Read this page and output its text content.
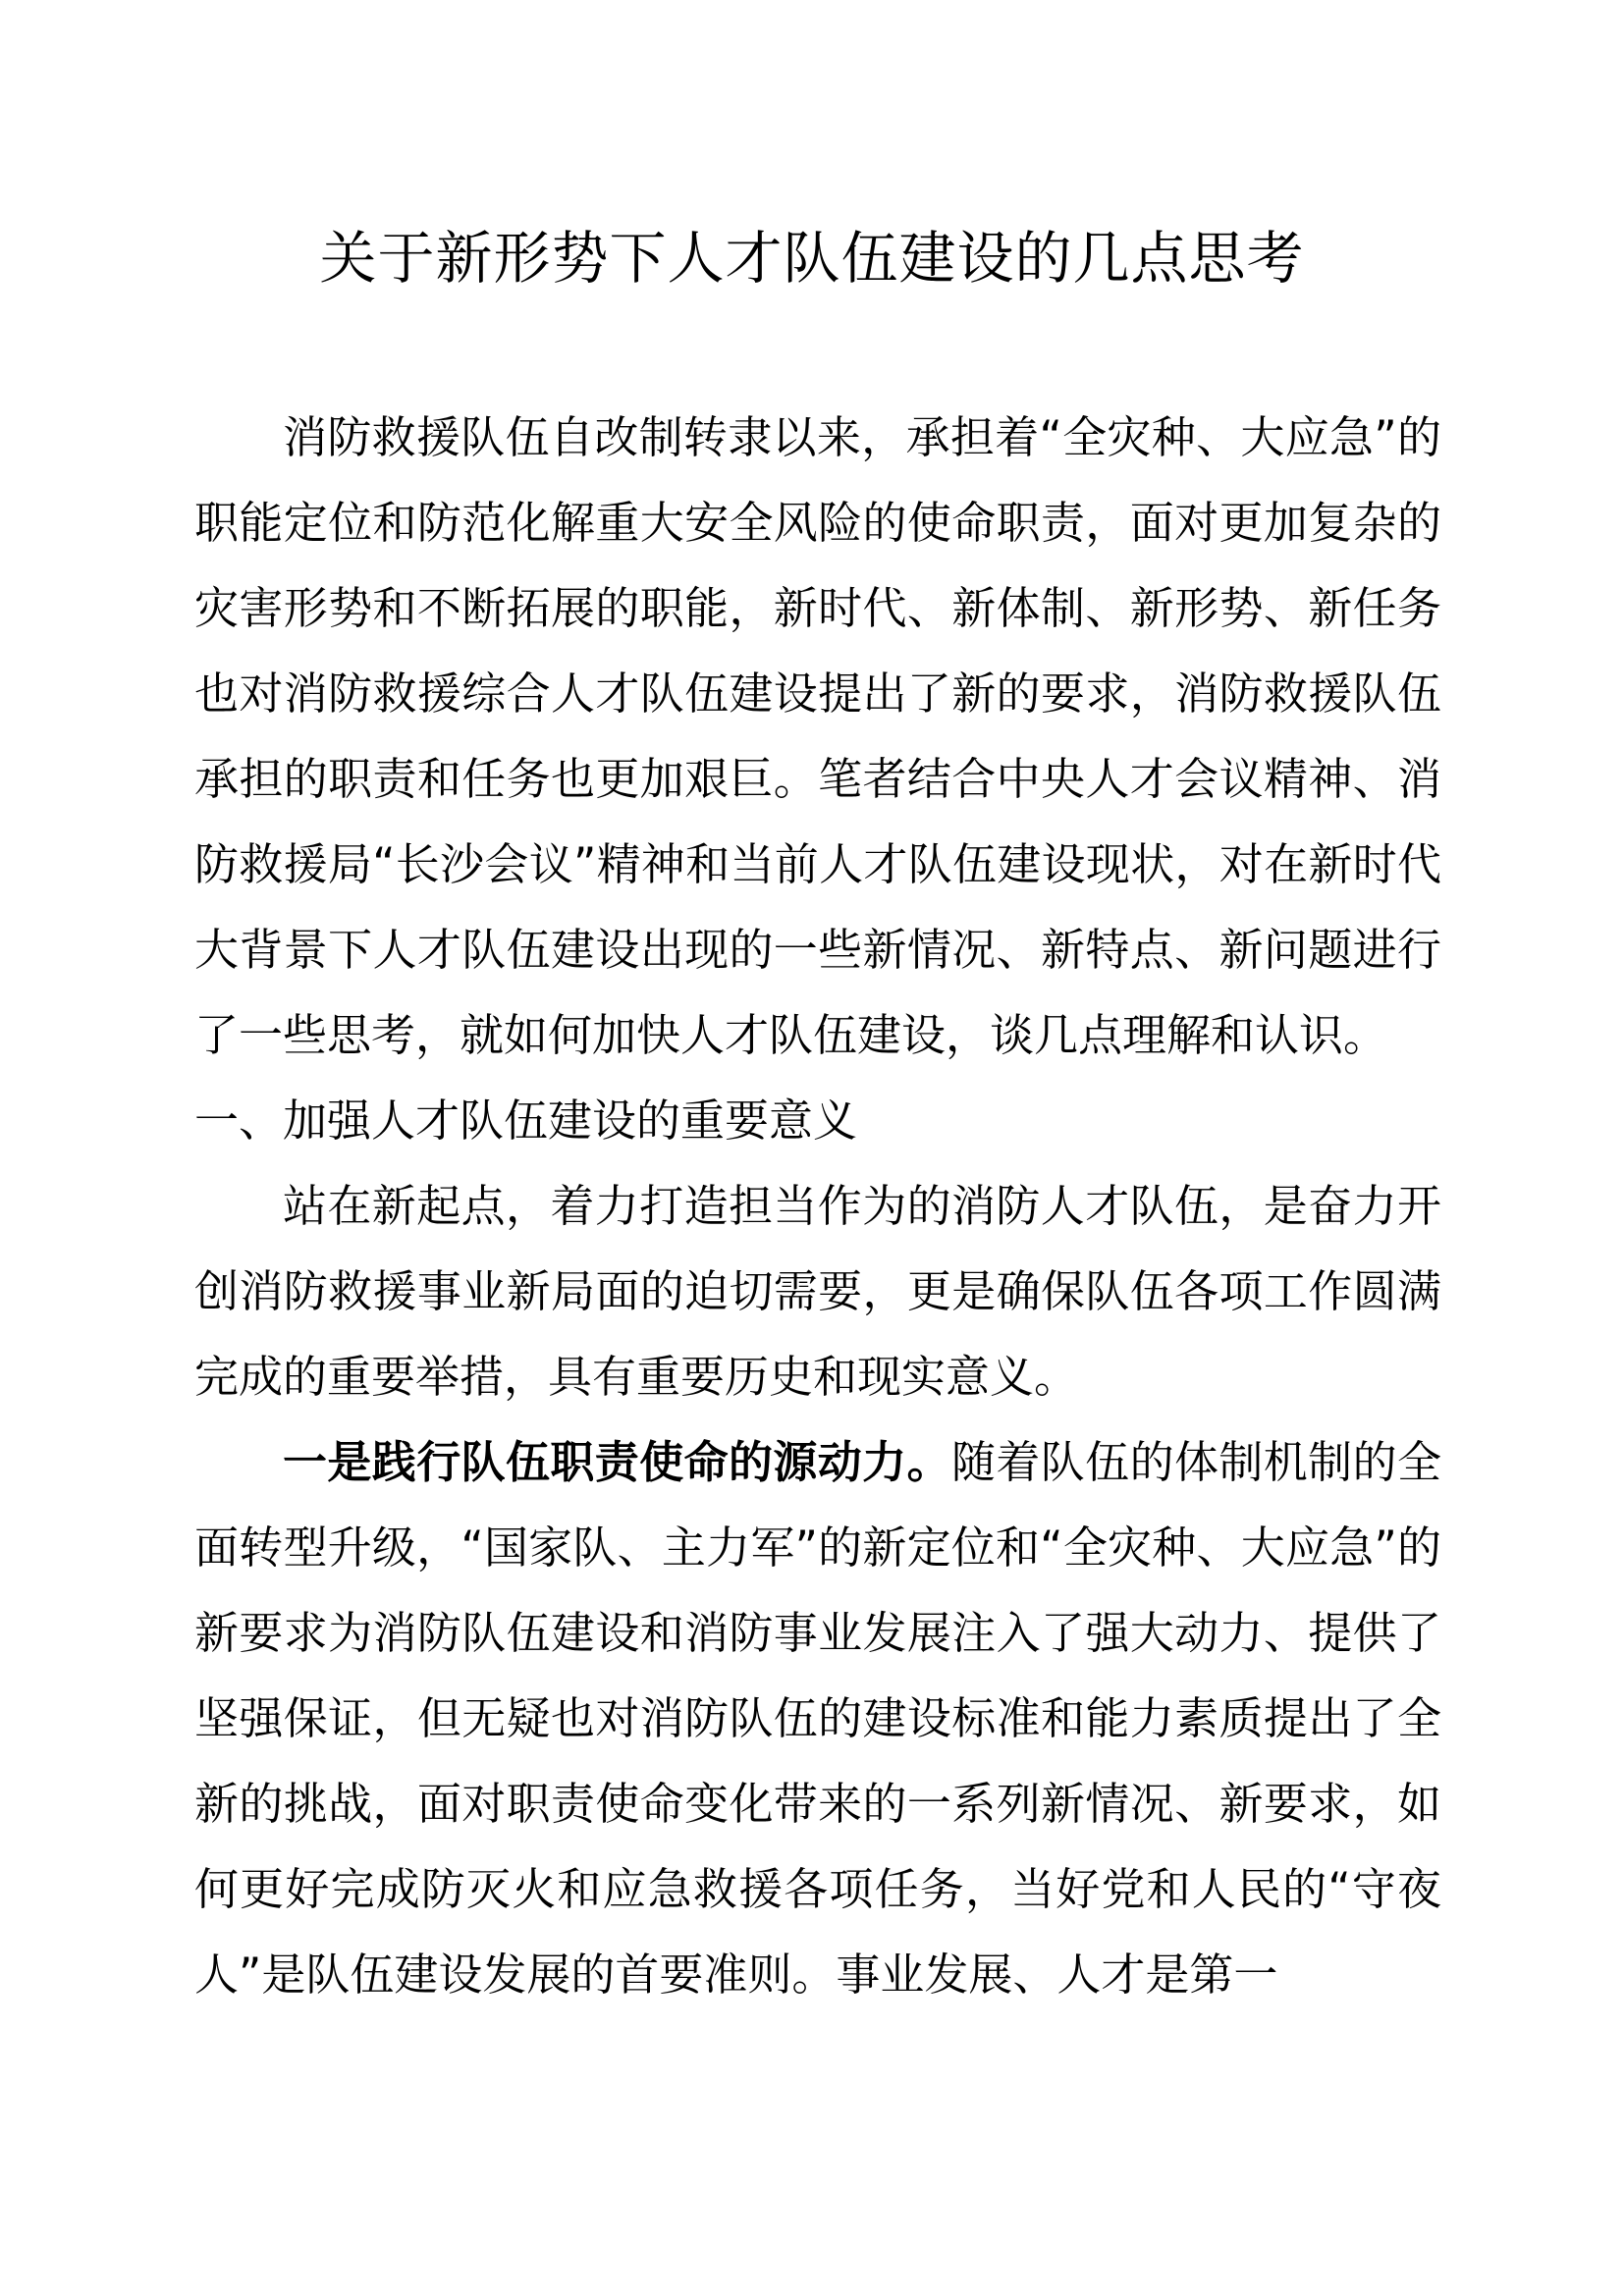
关于新形势下人才队伍建设的几点思考

消防救援队伍自改制转隶以来，承担着“全灾种、大应急”的职能定位和防范化解重大安全风险的使命职责，面对更加复杂的灾害形势和不断拓展的职能，新时代、新体制、新形势、新任务也对消防救援综合人才队伍建设提出了新的要求，消防救援队伍承担的职责和任务也更加艰巨。笔者结合中央人才会议精神、消防救援局“长沙会议”精神和当前人才队伍建设现状，对在新时代大背景下人才队伍建设出现的一些新情况、新特点、新问题进行了一些思考，就如何加快人才队伍建设，谈几点理解和认识。

一、加强人才队伍建设的重要意义

站在新起点，着力打造担当作为的消防人才队伍，是奋力开创消防救援事业新局面的迫切需要，更是确保队伍各项工作圆满完成的重要举措，具有重要历史和现实意义。

一是践行队伍职责使命的源动力。随着队伍的体制机制的全面转型升级，“国家队、主力军”的新定位和“全灾种、大应急”的新要求为消防队伍建设和消防事业发展注入了强大动力、提供了坚强保证，但无疑也对消防队伍的建设标准和能力素质提出了全新的挑战，面对职责使命变化带来的一系列新情况、新要求，如何更好完成防灭火和应急救援各项任务，当好党和人民的“守夜人”是队伍建设发展的首要准则。事业发展、人才是第一
